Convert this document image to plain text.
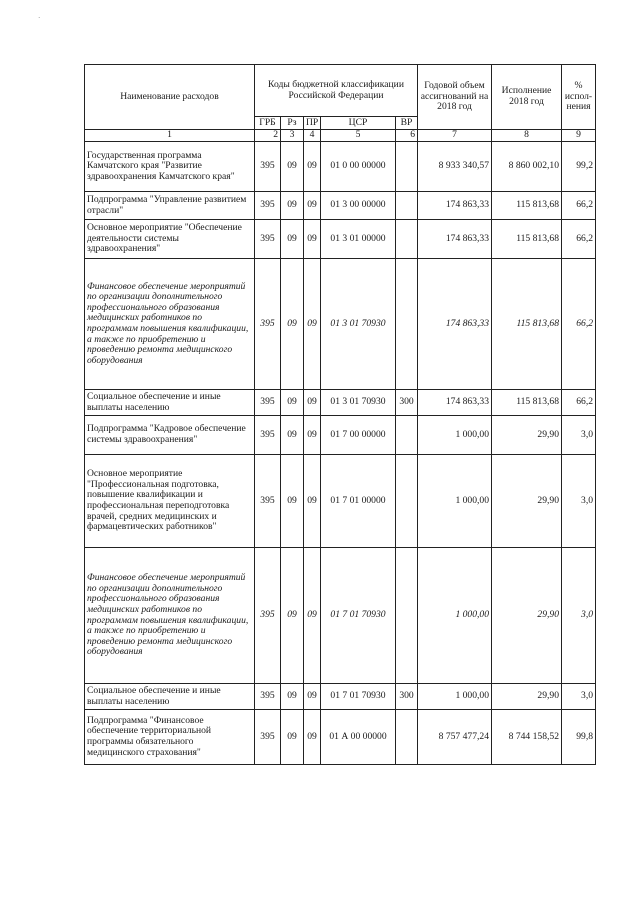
·
Наименование расходов	Коды бюджетной классификации Российской Федерации					Годовой объем ассигнований на 2018 год	Исполнение 2018 год	% испол-нения
	ГРБ	Рз	ПР	ЦСР	ВР			
1	2	3	4	5	6	7	8	9
Государственная программа Камчатского края "Развитие здравоохранения Камчатского края"	395	09	09	01 0 00 00000		8 933 340,57	8 860 002,10	99,2
Подпрограмма "Управление развитием отрасли"	395	09	09	01 3 00 00000		174 863,33	115 813,68	66,2
Основное мероприятие "Обеспечение деятельности системы здравоохранения"	395	09	09	01 3 01 00000		174 863,33	115 813,68	66,2
Финансовое обеспечение мероприятий по организации дополнительного профессионального образования медицинских работников по программам повышения квалификации, а также по приобретению и проведению ремонта медицинского оборудования	395	09	09	01 3 01 70930		174 863,33	115 813,68	66,2
Социальное обеспечение и иные выплаты населению	395	09	09	01 3 01 70930	300	174 863,33	115 813,68	66,2
Подпрограмма "Кадровое обеспечение системы здравоохранения"	395	09	09	01 7 00 00000		1 000,00	29,90	3,0
Основное мероприятие "Профессиональная подготовка, повышение квалификации и профессиональная переподготовка врачей, средних медицинских и фармацевтических работников"	395	09	09	01 7 01 00000		1 000,00	29,90	3,0
Финансовое обеспечение мероприятий по организации дополнительного профессионального образования медицинских работников по программам повышения квалификации, а также по приобретению и проведению ремонта медицинского оборудования	395	09	09	01 7 01 70930		1 000,00	29,90	3,0
Социальное обеспечение и иные выплаты населению	395	09	09	01 7 01 70930	300	1 000,00	29,90	3,0
Подпрограмма "Финансовое обеспечение территориальной программы обязательного медицинского страхования"	395	09	09	01 А 00 00000		8 757 477,24	8 744 158,52	99,8
